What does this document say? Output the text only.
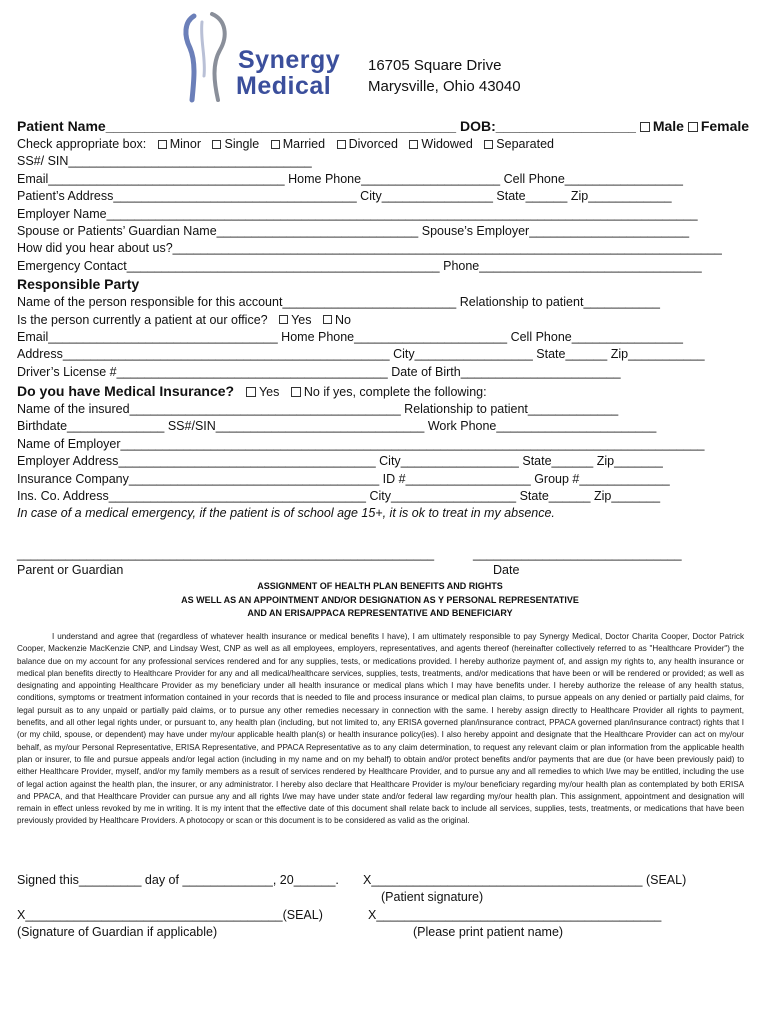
Synergy
Medical
16705 Square Drive
Marysville, Ohio 43040
Patient Name_____________________________________________ DOB:__________________ Male Female
Check appropriate box: Minor Single Married Divorced Widowed Separated
SS#/ SIN___________________________________
Email__________________________________ Home Phone____________________ Cell Phone_________________
Patient’s Address___________________________________ City________________ State______ Zip____________
Employer Name_____________________________________________________________________________________
Spouse or Patients’ Guardian Name_____________________________ Spouse’s Employer_______________________
How did you hear about us?_______________________________________________________________________________
Emergency Contact_____________________________________________ Phone________________________________
Responsible Party
Name of the person responsible for this account_________________________ Relationship to patient___________
Is the person currently a patient at our office? Yes No
Email_________________________________ Home Phone______________________ Cell Phone________________
Address_______________________________________________ City_________________ State______ Zip___________
Driver’s License #_______________________________________ Date of Birth_______________________
Do you have Medical Insurance? Yes No if yes, complete the following:
Name of the insured_______________________________________ Relationship to patient_____________
Birthdate______________ SS#/SIN______________________________ Work Phone_______________________
Name of Employer____________________________________________________________________________________
Employer Address_____________________________________ City_________________ State______ Zip_______
Insurance Company____________________________________ ID #__________________ Group #_____________
Ins. Co. Address_____________________________________ City__________________ State______ Zip_______
In case of a medical emergency, if the patient is of school age 15+, it is ok to treat in my absence.
____________________________________________________________	______________________________
Parent or Guardian	Date
ASSIGNMENT OF HEALTH PLAN BENEFITS AND RIGHTS
AS WELL AS AN APPOINTMENT AND/OR DESIGNATION AS Y PERSONAL REPRESENTATIVE
AND AN ERISA/PPACA REPRESENTATIVE AND BENEFICIARY

I understand and agree that (regardless of whatever health insurance or medical benefits I have), I am ultimately responsible to pay Synergy Medical, Doctor Charita Cooper, Doctor Patrick Cooper, Mackenzie MacKenzie CNP, and Lindsay West, CNP as well as all employees, employers, representatives, and agents thereof (hereinafter collectively referred to as "Healthcare Provider") the balance due on my account for any professional services rendered and for any supplies, tests, or medications provided. I hereby authorize payment of, and assign my rights to, any health insurance or medical plan benefits directly to Healthcare Provider for any and all medical/healthcare services, supplies, tests, treatments, and/or medications that have been or will be rendered or provided; as well as designating and appointing Healthcare Provider as my beneficiary under all health insurance or medical plans which I may have benefits under. I hereby authorize the release of any health status, conditions, symptoms or treatment information contained in your records that is needed to file and process insurance or medical plan claims, to pursue appeals on any denied or partially paid claims, for legal pursuit as to any unpaid or partially paid claims, or to pursue any other remedies necessary in connection with the same. I hereby assign directly to Healthcare Provider all rights to payment, benefits, and all other legal rights under, or pursuant to, any health plan (including, but not limited to, any ERISA governed plan/insurance contract, PPACA governed plan/insurance contract) rights that I (or my child, spouse, or dependent) may have under my/our applicable health plan(s) or health insurance policy(ies). I also hereby appoint and designate that the Healthcare Provider can act on my/our behalf, as my/our Personal Representative, ERISA Representative, and PPACA Representative as to any claim determination, to request any relevant claim or plan information from the applicable health plan or insurer, to file and pursue appeals and/or legal action (including in my name and on my behalf) to obtain and/or protect benefits and/or payments that are due (or have been previously paid) to either Healthcare Provider, myself, and/or my family members as a result of services rendered by Healthcare Provider, and to pursue any and all remedies to which I/we may be entitled, including the use of legal action against the health plan, the insurer, or any administrator. I hereby also declare that Healthcare Provider is my/our beneficiary regarding my/our health plan as contemplated by both ERISA and PPACA, and that Healthcare Provider can pursue any and all rights I/we may have under state and/or federal law regarding my/our health plan. This assignment, appointment and designation will remain in effect unless revoked by me in writing. It is my intent that the effective date of this document shall relate back to include all services, supplies, tests, treatments, or medications that have been previously provided by Healthcare Providers. A photocopy or scan or this document is to be considered as valid as the original.

Signed this_________ day of _____________, 20______. X_______________________________________ (SEAL)
(Patient signature)
X_____________________________________(SEAL)	X_________________________________________
(Signature of Guardian if applicable)	(Please print patient name)
